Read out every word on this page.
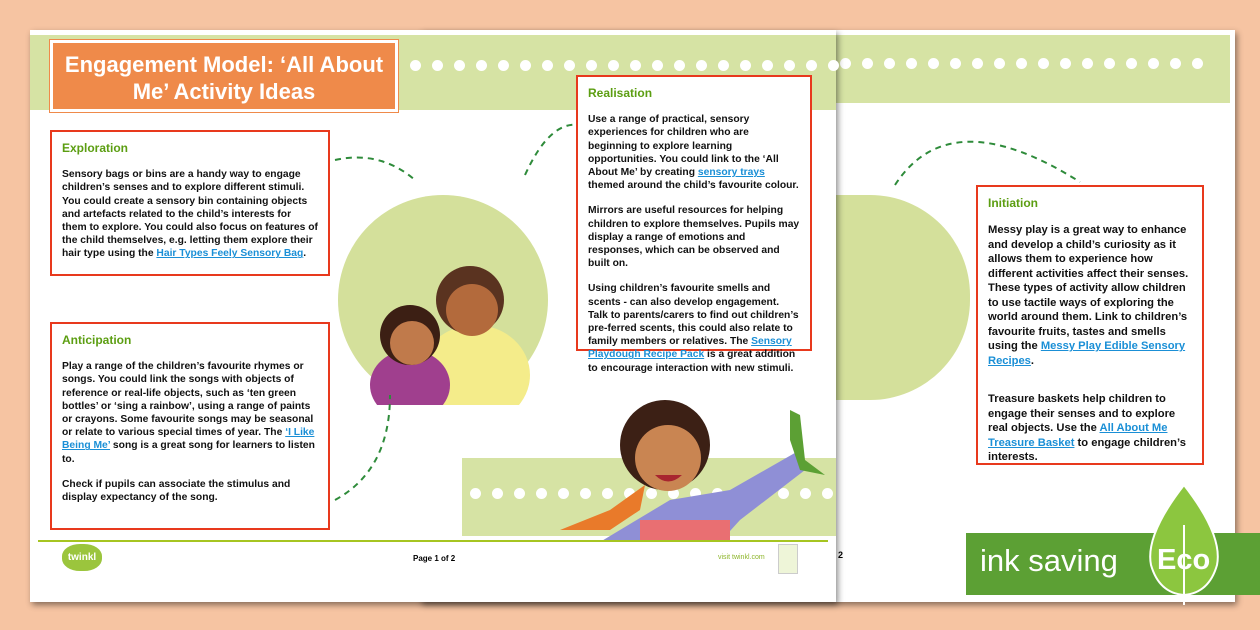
Initiation

Messy play is a great way to enhance and develop a child’s curiosity as it allows them to experience how different activities affect their senses. These types of activity allow children to use tactile ways of exploring the world around them. Link to children’s favourite fruits, tastes and smells using the Messy Play Edible Sensory Recipes.

Treasure baskets help children to engage their senses and to explore real objects. Use the All About Me Treasure Basket to engage children’s interests.

2
Engagement Model: ‘All About Me’ Activity Ideas
Exploration

Sensory bags or bins are a handy way to engage children’s senses and to explore different stimuli. You could create a sensory bin containing objects and artefacts related to the child’s interests for them to explore. You could also focus on features of the child themselves, e.g. letting them explore their hair type using the Hair Types Feely Sensory Bag.

Anticipation

Play a range of the children’s favourite rhymes or songs. You could link the songs with objects of reference or real-life objects, such as ‘ten green bottles’ or ‘sing a rainbow’, using a range of paints or crayons. Some favourite songs may be seasonal or relate to various special times of year. The ‘I Like Being Me’ song is a great song for learners to listen to.

Check if pupils can associate the stimulus and display expectancy of the song.

Realisation

Use a range of practical, sensory experiences for children who are beginning to explore learning opportunities. You could link to the ‘All About Me’ by creating sensory trays themed around the child’s favourite colour.

Mirrors are useful resources for helping children to explore themselves. Pupils may display a range of emotions and responses, which can be observed and built on.

Using children’s favourite smells and scents - can also develop engagement. Talk to parents/carers to find out children’s pre-ferred scents, this could also relate to family members or relatives. The Sensory Playdough Recipe Pack is a great addition to encourage interaction with new stimuli.

twinkl	Page 1 of 2	visit twinkl.com	ink saving	Eco
